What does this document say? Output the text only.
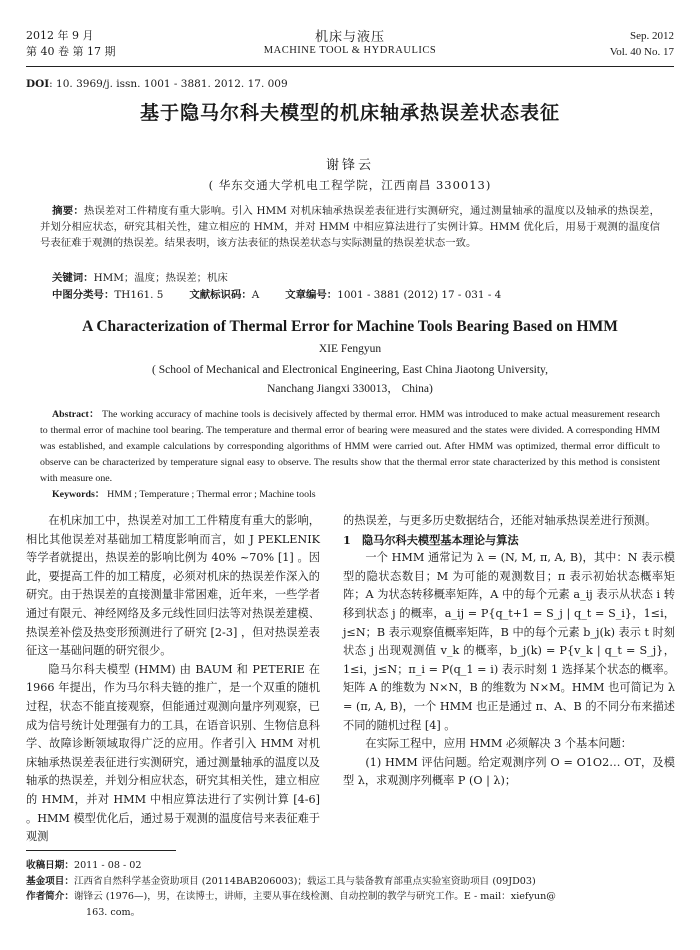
2012 年 9 月
第 40 卷 第 17 期
机床与液压
MACHINE TOOL & HYDRAULICS
Sep. 2012
Vol. 40 No. 17
DOI: 10. 3969/j. issn. 1001 - 3881. 2012. 17. 009
基于隐马尔科夫模型的机床轴承热误差状态表征
谢锋云
( 华东交通大学机电工程学院，江西南昌 330013)
摘要：热误差对工件精度有重大影响。引入 HMM 对机床轴承热误差表征进行实测研究，通过测量轴承的温度以及轴承的热误差，并划分相应状态，研究其相关性，建立相应的 HMM，并对 HMM 中相应算法进行了实例计算。HMM 优化后，用易于观测的温度信号表征难于观测的热误差。结果表明，该方法表征的热误差状态与实际测量的热误差状态一致。
关键词：HMM；温度；热误差；机床
中图分类号：TH161. 5	文献标识码：A	文章编号：1001 - 3881 (2012) 17 - 031 - 4
A Characterization of Thermal Error for Machine Tools Bearing Based on HMM
XIE Fengyun
( School of Mechanical and Electronical Engineering, East China Jiaotong University,
Nanchang Jiangxi 330013， China)
Abstract： The working accuracy of machine tools is decisively affected by thermal error. HMM was introduced to make actual measurement research to thermal error of machine tool bearing. The temperature and thermal error of bearing were measured and the states were divided. A corresponding HMM was established, and example calculations by corresponding algorithms of HMM were carried out. After HMM was optimized, thermal error difficult to observe can be characterized by temperature signal easy to observe. The results show that the thermal error state characterized by this method is consistent with measure one.
Keywords： HMM ; Temperature ; Thermal error ; Machine tools

在机床加工中，热误差对加工工件精度有重大的影响，相比其他误差对基础加工精度影响而言，如 J PEKLENIK 等学者就提出，热误差的影响比例为 40% ~70% [1] 。因此，要提高工件的加工精度，必须对机床的热误差作深入的研究。由于热误差的直接测量非常困难，近年来，一些学者通过有限元、神经网络及多元线性回归法等对热误差建模、热误差补偿及热变形预测进行了研究 [2-3] ，但对热误差表征这一基础问题的研究很少。

隐马尔科夫模型 (HMM) 由 BAUM 和 PETERIE 在 1966 年提出，作为马尔科夫链的推广，是一个双重的随机过程，状态不能直接观察，但能通过观测向量序列观察，已成为信号统计处理强有力的工具，在语音识别、生物信息科学、故障诊断领域取得广泛的应用。作者引入 HMM 对机床轴承热误差表征进行实测研究，通过测量轴承的温度以及轴承的热误差，并划分相应状态，研究其相关性，建立相应的 HMM，并对 HMM 中相应算法进行了实例计算 [4-6] 。HMM 模型优化后，通过易于观测的温度信号来表征难于观测

的热误差，与更多历史数据结合，还能对轴承热误差进行预测。

1　隐马尔科夫模型基本理论与算法

一个 HMM 通常记为 λ = (N, M, π, A, B)，其中：N 表示模型的隐状态数目；M 为可能的观测数目；π 表示初始状态概率矩阵；A 为状态转移概率矩阵，A 中的每个元素 a_ij 表示从状态 i 转移到状态 j 的概率，a_ij = P{q_t+1 = S_j | q_t = S_i}，1≤i，j≤N；B 表示观察值概率矩阵，B 中的每个元素 b_j(k) 表示 t 时刻状态 j 出现观测值 v_k 的概率，b_j(k) = P{v_k | q_t = S_j}，1≤i，j≤N；π_i = P(q_1 = i) 表示时刻 1 选择某个状态的概率。矩阵 A 的维数为 N×N，B 的维数为 N×M。HMM 也可简记为 λ = (π, A, B)，一个 HMM 也正是通过 π、A、B 的不同分布来描述不同的随机过程 [4] 。

在实际工程中，应用 HMM 必须解决 3 个基本问题：

(1) HMM 评估问题。给定观测序列 O = O1O2… OT，及模型 λ，求观测序列概率 P (O | λ)；

收稿日期：2011 - 08 - 02
基金项目：江西省自然科学基金资助项目 (20114BAB206003)；载运工具与装备教育部重点实验室资助项目 (09JD03)
作者简介：谢锋云 (1976—)，男，在读博士，讲师，主要从事在线检测、自动控制的教学与研究工作。E - mail：xiefyun@
163. com。
